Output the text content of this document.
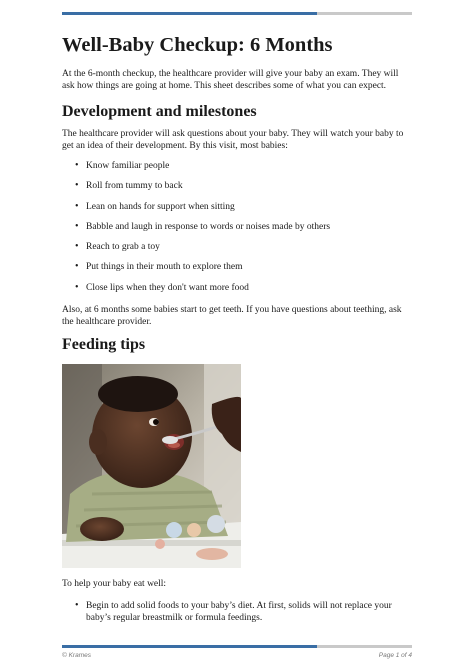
Well-Baby Checkup: 6 Months

At the 6-month checkup, the healthcare provider will give your baby an exam. They will ask how things are going at home. This sheet describes some of what you can expect.

Development and milestones

The healthcare provider will ask questions about your baby. They will watch your baby to get an idea of their development. By this visit, most babies:

• Know familiar people
• Roll from tummy to back
• Lean on hands for support when sitting
• Babble and laugh in response to words or noises made by others
• Reach to grab a toy
• Put things in their mouth to explore them
• Close lips when they don't want more food

Also, at 6 months some babies start to get teeth. If you have questions about teething, ask the healthcare provider.

Feeding tips

To help your baby eat well:

• Begin to add solid foods to your baby’s diet. At first, solids will not replace your baby’s regular breastmilk or formula feedings.
© Krames	Page 1 of 4
